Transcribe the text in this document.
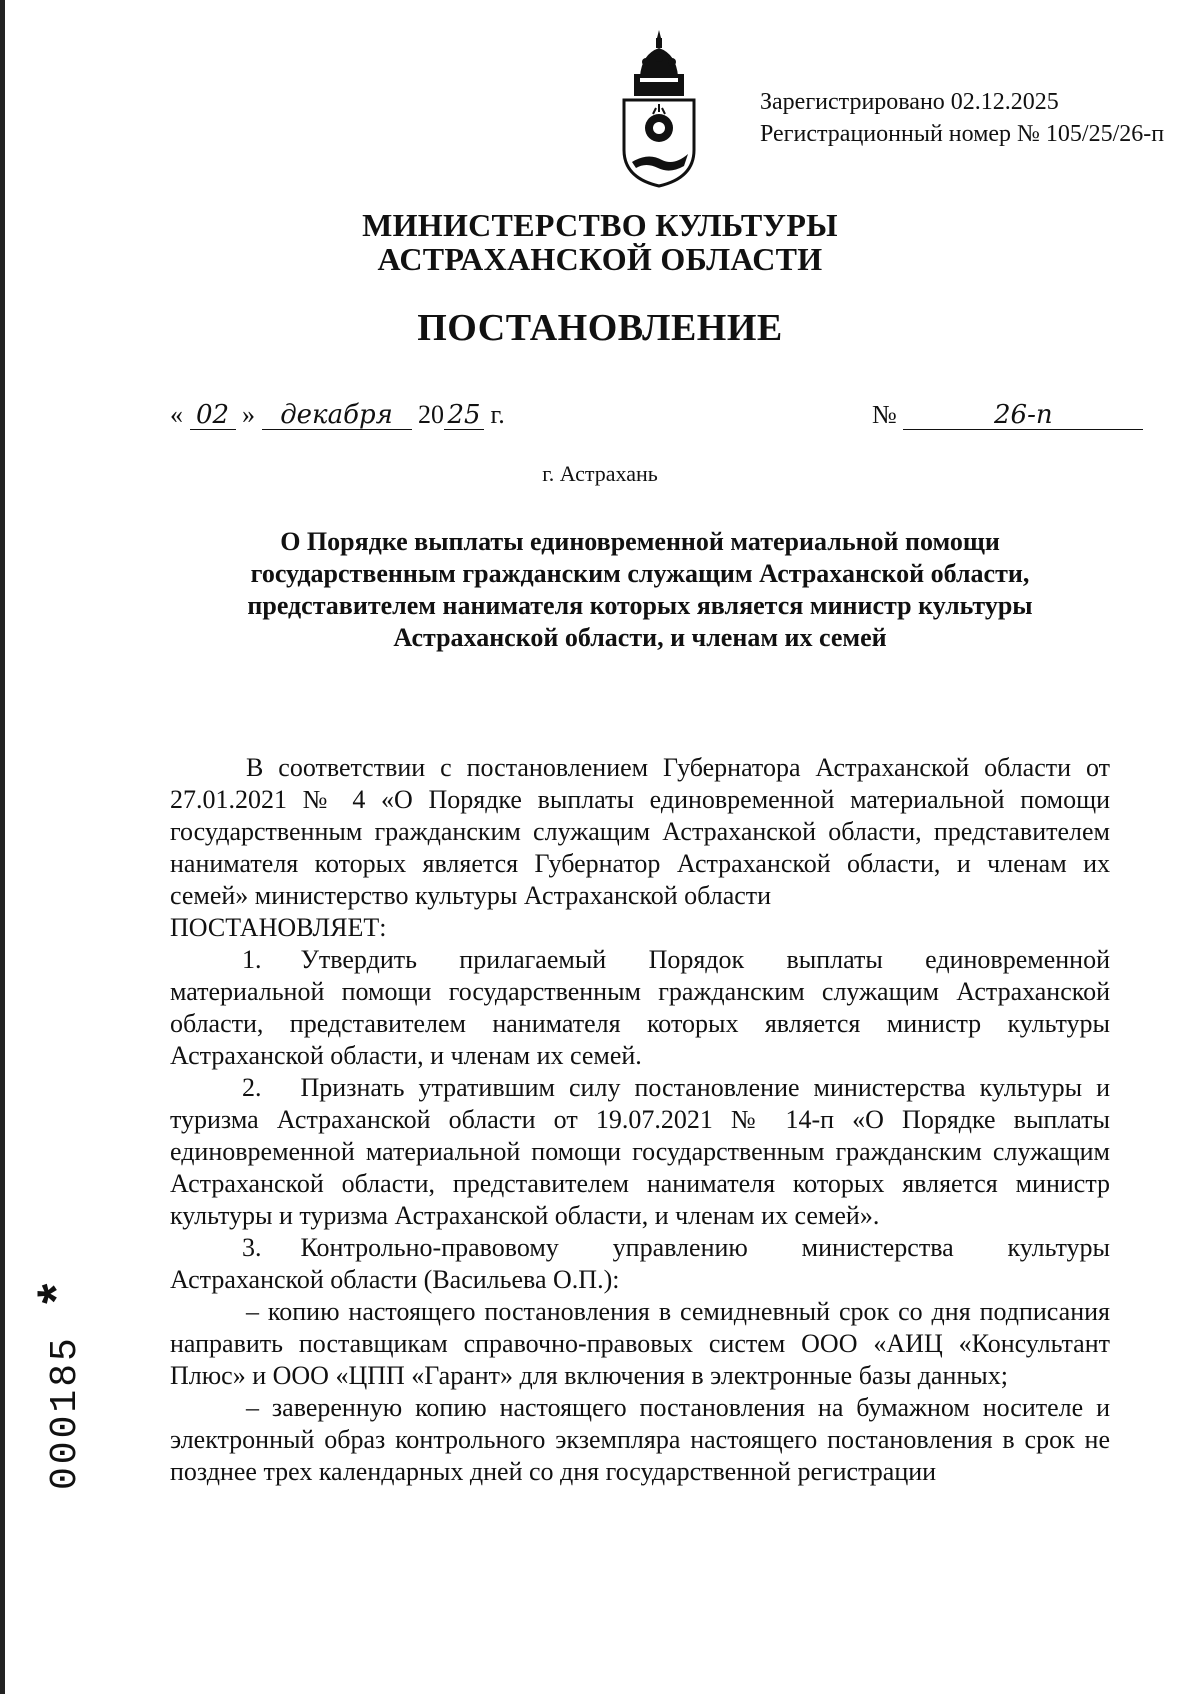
Зарегистрировано 02.12.2025
Регистрационный номер № 105/25/26-п
МИНИСТЕРСТВО КУЛЬТУРЫ
АСТРАХАНСКОЙ ОБЛАСТИ
ПОСТАНОВЛЕНИЕ
« 02 » декабря 20 25 г.	№	26-п
г. Астрахань
О Порядке выплаты единовременной материальной помощи
государственным гражданским служащим Астраханской области,
представителем нанимателя которых является министр культуры
Астраханской области, и членам их семей

В соответствии с постановлением Губернатора Астраханской области от 27.01.2021 № 4 «О Порядке выплаты единовременной материальной помощи государственным гражданским служащим Астраханской области, представителем нанимателя которых является Губернатор Астраханской области, и членам их семей» министерство культуры Астраханской области

ПОСТАНОВЛЯЕТ:

1.  Утвердить прилагаемый Порядок выплаты единовременной материальной помощи государственным гражданским служащим Астраханской области, представителем нанимателя которых является министр культуры Астраханской области, и членам их семей.

2.  Признать утратившим силу постановление министерства культуры и туризма Астраханской области от 19.07.2021 № 14-п «О Порядке выплаты единовременной материальной помощи государственным гражданским служащим Астраханской области, представителем нанимателя которых является министр культуры и туризма Астраханской области, и членам их семей».

3.  Контрольно-правовому управлению министерства культуры Астраханской области (Васильева О.П.):

– копию настоящего постановления в семидневный срок со дня подписания направить поставщикам справочно-правовых систем ООО «АИЦ «Консультант Плюс» и ООО «ЦПП «Гарант» для включения в электронные базы данных;

– заверенную копию настоящего постановления на бумажном носителе и электронный образ контрольного экземпляра настоящего постановления в срок не позднее трех календарных дней со дня государственной регистрации

000185 *
